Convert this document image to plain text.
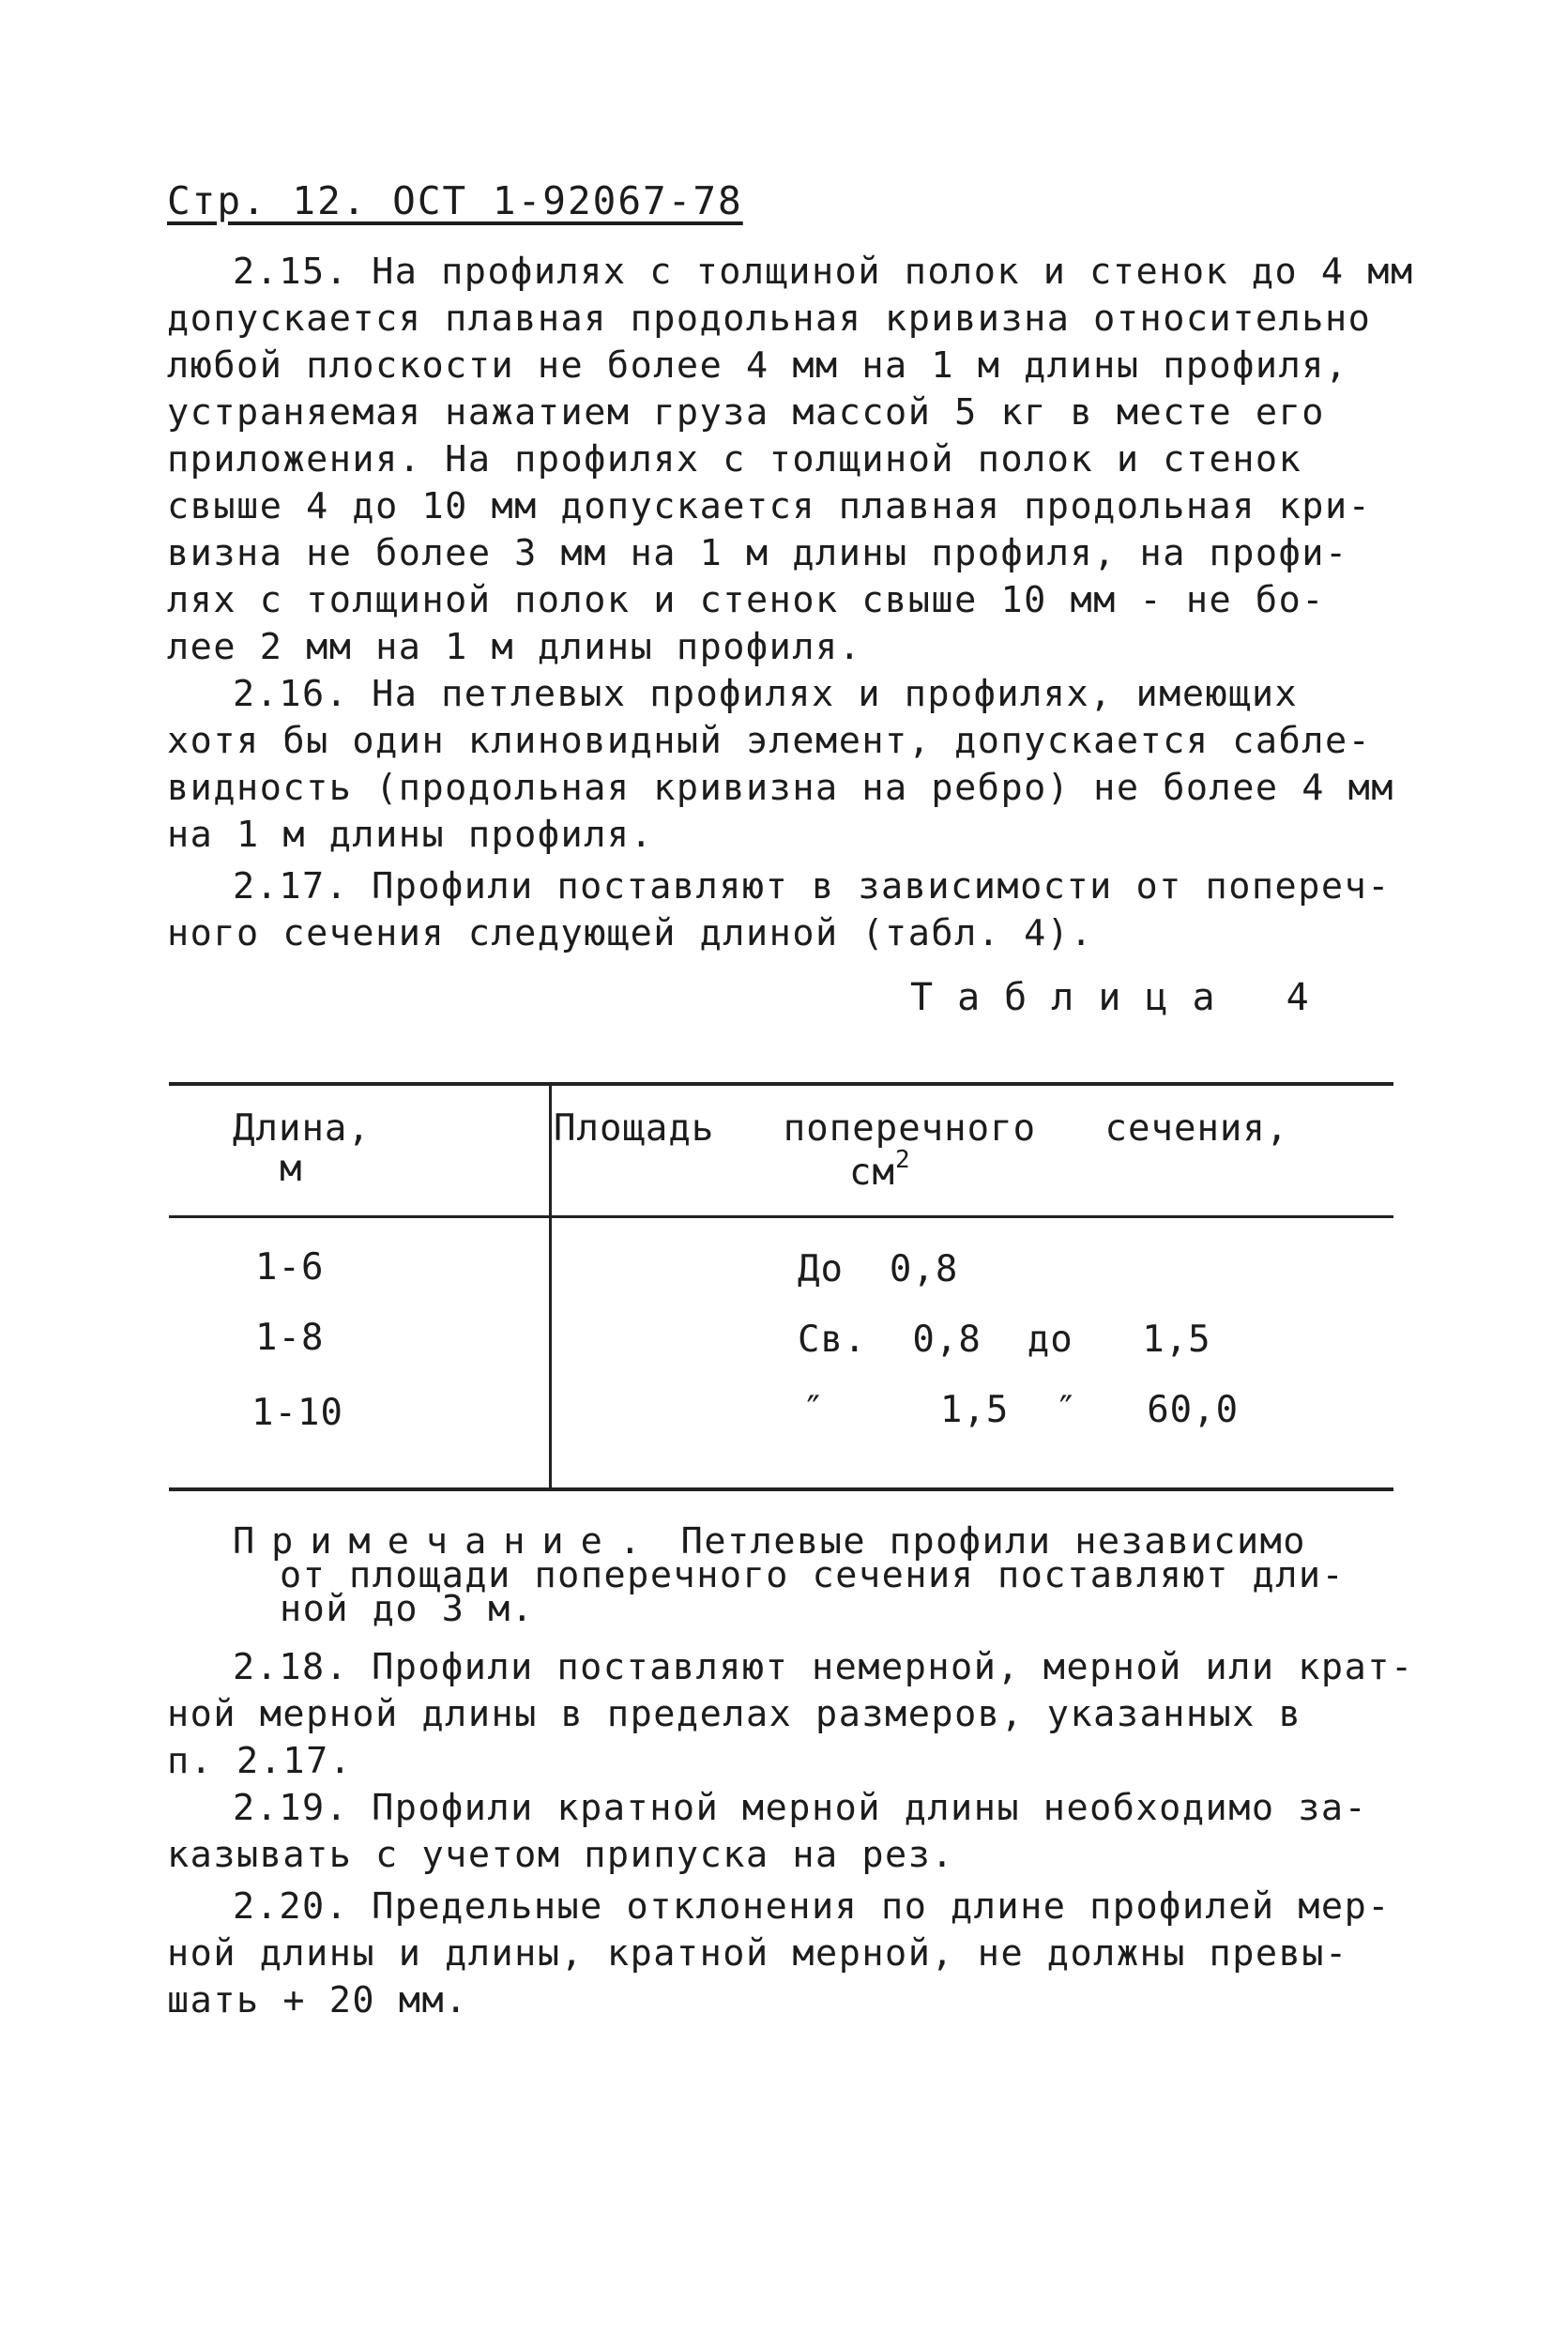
Стр. 12. ОСТ 1-92067-78
2.15. На профилях с толщиной полок и стенок до 4 мм
допускается плавная продольная кривизна относительно
любой плоскости не более 4 мм на 1 м длины профиля,
устраняемая нажатием груза массой 5 кг в месте его
приложения. На профилях с толщиной полок и стенок
свыше 4 до 10 мм допускается плавная продольная кри-
визна не более 3 мм на 1 м длины профиля, на профи-
лях с толщиной полок и стенок свыше 10 мм - не бо-
лее 2 мм на 1 м длины профиля.
2.16. На петлевых профилях и профилях, имеющих
хотя бы один клиновидный элемент, допускается сабле-
видность (продольная кривизна на ребро) не более 4 мм
на 1 м длины профиля.
2.17. Профили поставляют в зависимости от попереч-
ного сечения следующей длиной (табл. 4).
Таблица 4
Длина,
м
Площадь   поперечного   сечения,
$см^2$
1-6	До  0,8
1-8	Св.  0,8  до   1,5
1-10	″     1,5  ″   60,0
Примечание. Петлевые профили независимо
от площади поперечного сечения поставляют дли-
ной до 3 м.
2.18. Профили поставляют немерной, мерной или крат-
ной мерной длины в пределах размеров, указанных в
п. 2.17.
2.19. Профили кратной мерной длины необходимо за-
казывать с учетом припуска на рез.
2.20. Предельные отклонения по длине профилей мер-
ной длины и длины, кратной мерной, не должны превы-
шать + 20 мм.
